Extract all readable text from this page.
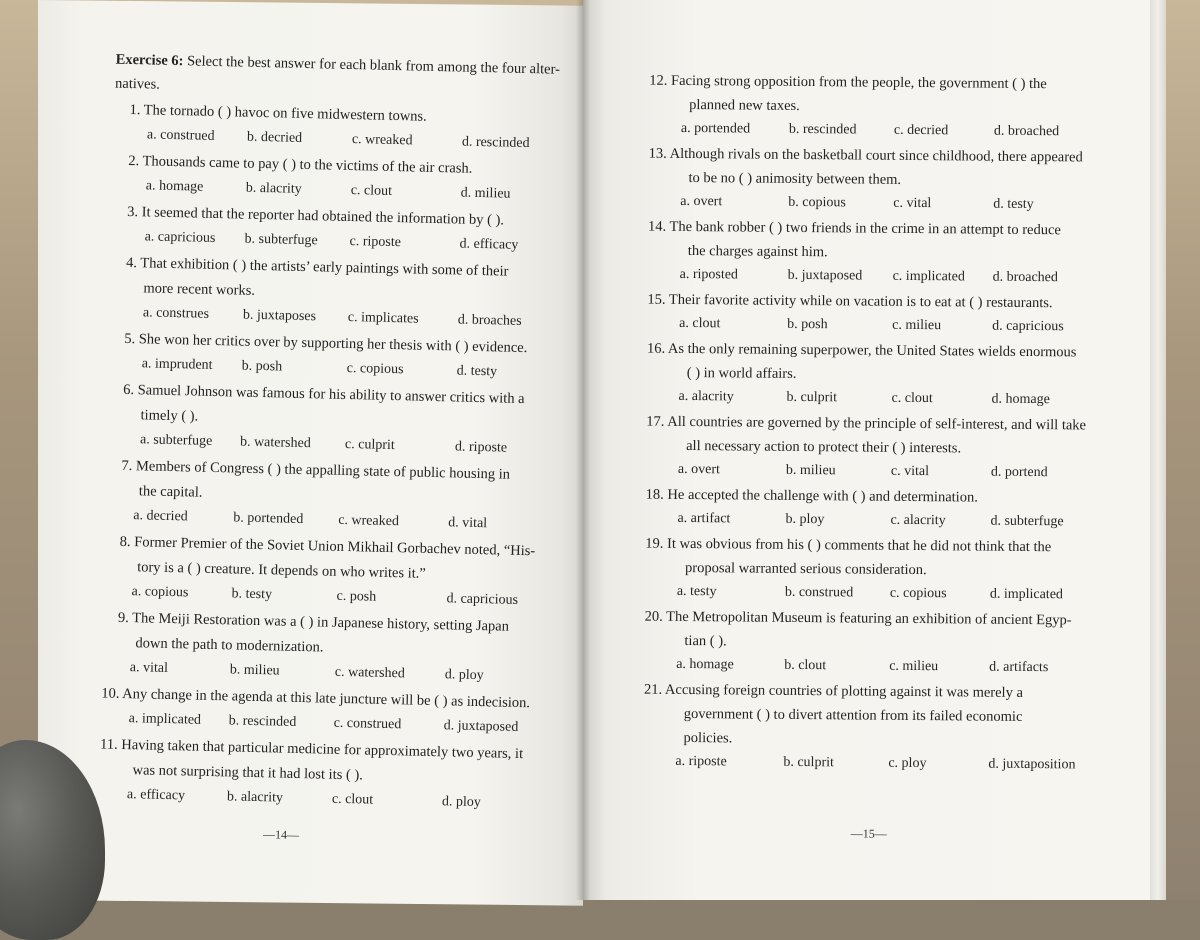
Exercise 6: Select the best answer for each blank from among the four alter-
natives.
1. The tornado ( ) havoc on five midwestern towns.
a. construed b. decried	c. wreaked	d. rescinded
2. Thousands came to pay ( ) to the victims of the air crash.
a. homage	b. alacrity	c. clout	d. milieu
3. It seemed that the reporter had obtained the information by ( ).
a. capricious b. subterfuge c. riposte	d. efficacy
4. That exhibition ( ) the artists’ early paintings with some of their
more recent works.
a. construes b. juxtaposes c. implicates	d. broaches
5. She won her critics over by supporting her thesis with ( ) evidence.
a. imprudent b. posh	c. copious	d. testy
6. Samuel Johnson was famous for his ability to answer critics with a
timely ( ).
a. subterfuge b. watershed c. culprit	d. riposte
7. Members of Congress ( ) the appalling state of public housing in
the capital.
a. decried	b. portended c. wreaked	d. vital
8. Former Premier of the Soviet Union Mikhail Gorbachev noted, “His-
tory is a ( ) creature. It depends on who writes it.”
a. copious	b. testy	c. posh	d. capricious
9. The Meiji Restoration was a ( ) in Japanese history, setting Japan
down the path to modernization.
a. vital	b. milieu	c. watershed	d. ploy
10. Any change in the agenda at this late juncture will be ( ) as indecision.
a. implicated b. rescinded	c. construed	d. juxtaposed
11. Having taken that particular medicine for approximately two years, it
was not surprising that it had lost its ( ).
a. efficacy	b. alacrity	c. clout	d. ploy
—14—
12. Facing strong opposition from the people, the government ( ) the
planned new taxes.
a. portended	b. rescinded	c. decried	d. broached
13. Although rivals on the basketball court since childhood, there appeared
to be no ( ) animosity between them.
a. overt	b. copious	c. vital	d. testy
14. The bank robber ( ) two friends in the crime in an attempt to reduce
the charges against him.
a. riposted	b. juxtaposed c. implicated d. broached
15. Their favorite activity while on vacation is to eat at ( ) restaurants.
a. clout	b. posh	c. milieu	d. capricious
16. As the only remaining superpower, the United States wields enormous
( ) in world affairs.
a. alacrity	b. culprit	c. clout	d. homage
17. All countries are governed by the principle of self-interest, and will take
all necessary action to protect their ( ) interests.
a. overt	b. milieu	c. vital	d. portend
18. He accepted the challenge with ( ) and determination.
a. artifact	b. ploy	c. alacrity	d. subterfuge
19. It was obvious from his ( ) comments that he did not think that the
proposal warranted serious consideration.
a. testy	b. construed	c. copious	d. implicated
20. The Metropolitan Museum is featuring an exhibition of ancient Egyp-
tian ( ).
a. homage	b. clout	c. milieu	d. artifacts
21. Accusing foreign countries of plotting against it was merely a
government ( ) to divert attention from its failed economic
policies.
a. riposte	b. culprit	c. ploy	d. juxtaposition
—15—
